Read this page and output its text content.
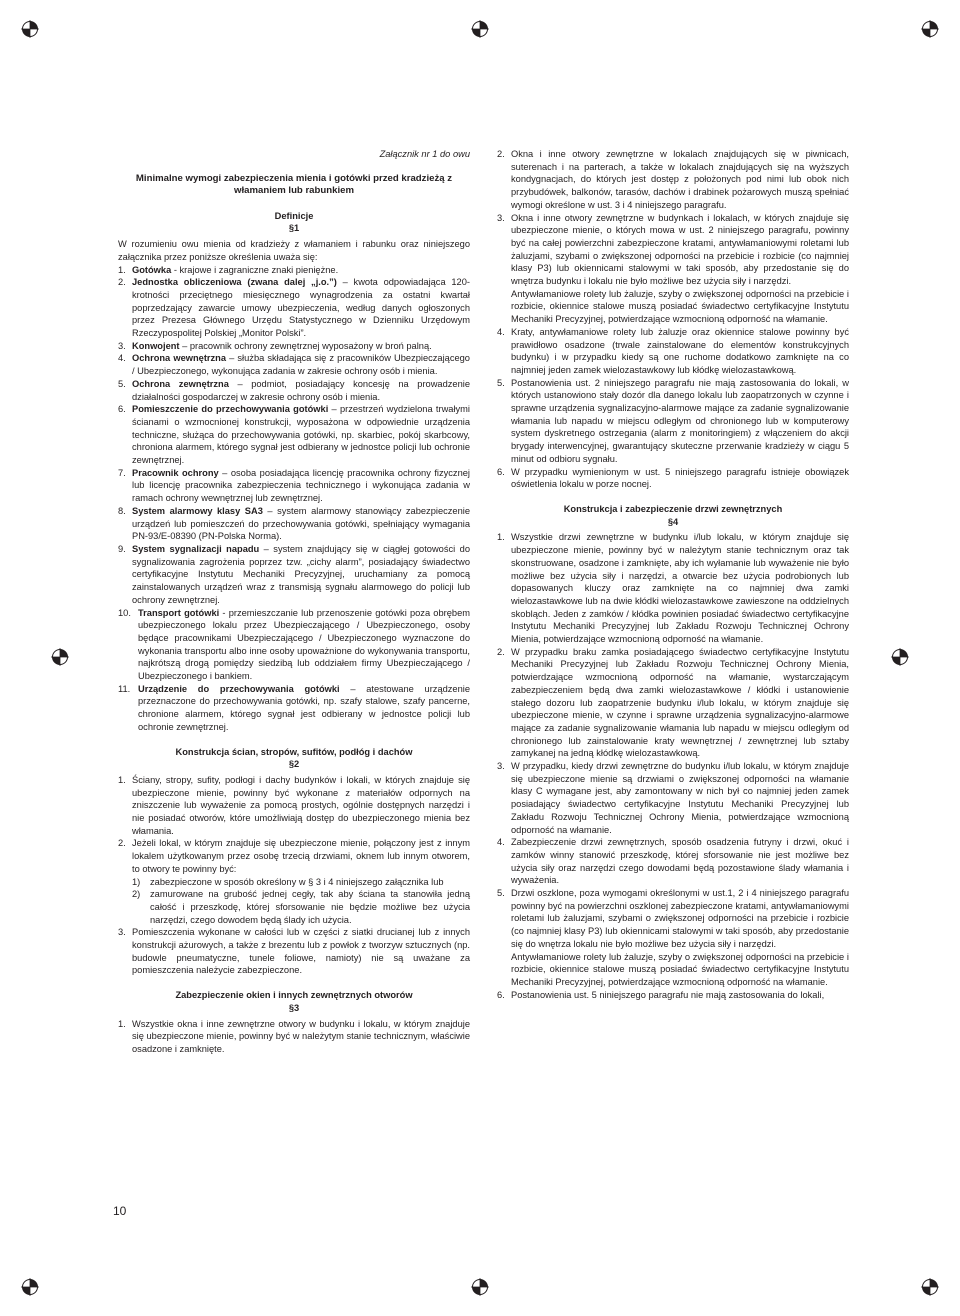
Załącznik nr 1 do owu

Minimalne wymogi zabezpieczenia mienia i gotówki przed kradzieżą z włamaniem lub rabunkiem

Definicje

§1

W rozumieniu owu mienia od kradzieży z włamaniem i rabunku oraz niniejszego załącznika przez poniższe określenia uważa się:

1. Gotówka - krajowe i zagraniczne znaki pieniężne.
2. Jednostka obliczeniowa (zwana dalej „j.o.”) – kwota odpowiadająca 120-krotności przeciętnego miesięcznego wynagrodzenia za ostatni kwartał poprzedzający zawarcie umowy ubezpieczenia, według danych ogłoszonych przez Prezesa Głównego Urzędu Statystycznego w Dzienniku Urzędowym Rzeczypospolitej Polskiej „Monitor Polski”.
3. Konwojent – pracownik ochrony zewnętrznej wyposażony w broń palną.
4. Ochrona wewnętrzna – służba składająca się z pracowników Ubezpieczającego / Ubezpieczonego, wykonująca zadania w zakresie ochrony osób i mienia.
5. Ochrona zewnętrzna – podmiot, posiadający koncesję na prowadzenie działalności gospodarczej w zakresie ochrony osób i mienia.
6. Pomieszczenie do przechowywania gotówki – przestrzeń wydzielona trwałymi ścianami o wzmocnionej konstrukcji, wyposażona w odpowiednie urządzenia techniczne, służąca do przechowywania gotówki, np. skarbiec, pokój skarbcowy, chroniona alarmem, którego sygnał jest odbierany w jednostce policji lub ochronie zewnętrznej.
7. Pracownik ochrony – osoba posiadająca licencję pracownika ochrony fizycznej lub licencję pracownika zabezpieczenia technicznego i wykonująca zadania w ramach ochrony wewnętrznej lub zewnętrznej.
8. System alarmowy klasy SA3 – system alarmowy stanowiący zabezpieczenie urządzeń lub pomieszczeń do przechowywania gotówki, spełniający wymagania PN-93/E-08390 (PN-Polska Norma).
9. System sygnalizacji napadu – system znajdujący się w ciągłej gotowości do sygnalizowania zagrożenia poprzez tzw. „cichy alarm”, posiadający świadectwo certyfikacyjne Instytutu Mechaniki Precyzyjnej, uruchamiany za pomocą zainstalowanych urządzeń wraz z transmisją sygnału alarmowego do policji lub ochrony zewnętrznej.
10. Transport gotówki - przemieszczanie lub przenoszenie gotówki poza obrębem ubezpieczonego lokalu przez Ubezpieczającego / Ubezpieczonego, osoby będące pracownikami Ubezpieczającego / Ubezpieczonego wyznaczone do wykonania transportu albo inne osoby upoważnione do wykonywania transportu, najkrótszą drogą pomiędzy siedzibą lub oddziałem firmy Ubezpieczającego / Ubezpieczonego i bankiem.
11. Urządzenie do przechowywania gotówki – atestowane urządzenie przeznaczone do przechowywania gotówki, np. szafy stalowe, szafy pancerne, chronione alarmem, którego sygnał jest odbierany w jednostce policji lub ochronie zewnętrznej.

Konstrukcja ścian, stropów, sufitów, podłóg i dachów

§2

1. Ściany, stropy, sufity, podłogi i dachy budynków i lokali, w których znajduje się ubezpieczone mienie, powinny być wykonane z materiałów odpornych na zniszczenie lub wyważenie za pomocą prostych, ogólnie dostępnych narzędzi i nie posiadać otworów, które umożliwiają dostęp do ubezpieczonego mienia bez włamania.
2. Jeżeli lokal, w którym znajduje się ubezpieczone mienie, połączony jest z innym lokalem użytkowanym przez osobę trzecią drzwiami, oknem lub innym otworem, to otwory te powinny być:
1) zabezpieczone w sposób określony w § 3 i 4 niniejszego załącznika lub
2) zamurowane na grubość jednej cegły, tak aby ściana ta stanowiła jedną całość i przeszkodę, której sforsowanie nie będzie możliwe bez użycia narzędzi, czego dowodem będą ślady ich użycia.
3. Pomieszczenia wykonane w całości lub w części z siatki drucianej lub z innych konstrukcji ażurowych, a także z brezentu lub z powłok z tworzyw sztucznych (np. budowle pneumatyczne, tunele foliowe, namioty) nie są uważane za pomieszczenia należycie zabezpieczone.

Zabezpieczenie okien i innych zewnętrznych otworów

§3

1. Wszystkie okna i inne zewnętrzne otwory w budynku i lokalu, w którym znajduje się ubezpieczone mienie, powinny być w należytym stanie technicznym, właściwie osadzone i zamknięte.
2. Okna i inne otwory zewnętrzne w lokalach znajdujących się w piwnicach, suterenach i na parterach, a także w lokalach znajdujących się na wyższych kondygnacjach, do których jest dostęp z położonych pod nimi lub obok nich przybudówek, balkonów, tarasów, dachów i drabinek pożarowych muszą spełniać wymogi określone w ust. 3 i 4 niniejszego paragrafu.
3. Okna i inne otwory zewnętrzne w budynkach i lokalach, w których znajduje się ubezpieczone mienie, o których mowa w ust. 2 niniejszego paragrafu, powinny być na całej powierzchni zabezpieczone kratami, antywłamaniowymi roletami lub żaluzjami, szybami o zwiększonej odporności na przebicie i rozbicie (co najmniej klasy P3) lub okiennicami stalowymi w taki sposób, aby przedostanie się do wnętrza budynku i lokalu nie było możliwe bez użycia siły i narzędzi.

Antywłamaniowe rolety lub żaluzje, szyby o zwiększonej odporności na przebicie i rozbicie, okiennice stalowe muszą posiadać świadectwo certyfikacyjne Instytutu Mechaniki Precyzyjnej, potwierdzające wzmocnioną odporność na włamanie.

4. Kraty, antywłamaniowe rolety lub żaluzje oraz okiennice stalowe powinny być prawidłowo osadzone (trwale zainstalowane do elementów konstrukcyjnych budynku) i w przypadku kiedy są one ruchome dodatkowo zamknięte na co najmniej jeden zamek wielozastawkowy lub kłódkę wielozastawkową.
5. Postanowienia ust. 2 niniejszego paragrafu nie mają zastosowania do lokali, w których ustanowiono stały dozór dla danego lokalu lub zaopatrzonych w czynne i sprawne urządzenia sygnalizacyjno-alarmowe mające za zadanie sygnalizowanie włamania lub napadu w miejscu odległym od chronionego lub w komputerowy system dyskretnego ostrzegania (alarm z monitoringiem) z włączeniem do akcji brygady interwencyjnej, gwarantujący skuteczne przerwanie kradzieży w ciągu 5 minut od odbioru sygnału.
6. W przypadku wymienionym w ust. 5 niniejszego paragrafu istnieje obowiązek oświetlenia lokalu w porze nocnej.

Konstrukcja i zabezpieczenie drzwi zewnętrznych

§4

1. Wszystkie drzwi zewnętrzne w budynku i/lub lokalu, w którym znajduje się ubezpieczone mienie, powinny być w należytym stanie technicznym oraz tak skonstruowane, osadzone i zamknięte, aby ich wyłamanie lub wyważenie nie było możliwe bez użycia siły i narzędzi, a otwarcie bez użycia podrobionych lub dopasowanych kluczy oraz zamknięte na co najmniej dwa zamki wielozastawkowe lub na dwie kłódki wielozastawkowe zawieszone na oddzielnych skobląch. Jeden z zamków / kłódka powinien posiadać świadectwo certyfikacyjne Instytutu Mechaniki Precyzyjnej lub Zakładu Rozwoju Technicznej Ochrony Mienia, potwierdzające wzmocnioną odporność na włamanie.
2. W przypadku braku zamka posiadającego świadectwo certyfikacyjne Instytutu Mechaniki Precyzyjnej lub Zakładu Rozwoju Technicznej Ochrony Mienia, potwierdzające wzmocnioną odporność na włamanie, wystarczającym zabezpieczeniem będą dwa zamki wielozastawkowe / kłódki i ustanowienie stałego dozoru lub zaopatrzenie budynku i/lub lokalu, w którym znajduje się ubezpieczone mienie, w czynne i sprawne urządzenia sygnalizacyjno-alarmowe mające za zadanie sygnalizowanie włamania lub napadu w miejscu odległym od chronionego lub zainstalowanie kraty wewnętrznej / zewnętrznej lub sztaby zamykanej na jedną kłódkę wielozastawkową.
3. W przypadku, kiedy drzwi zewnętrzne do budynku i/lub lokalu, w którym znajduje się ubezpieczone mienie są drzwiami o zwiększonej odporności na włamanie klasy C wymagane jest, aby zamontowany w nich był co najmniej jeden zamek posiadający świadectwo certyfikacyjne Instytutu Mechaniki Precyzyjnej lub Zakładu Rozwoju Technicznej Ochrony Mienia, potwierdzające wzmocnioną odporność na włamanie.
4. Zabezpieczenie drzwi zewnętrznych, sposób osadzenia futryny i drzwi, okuć i zamków winny stanowić przeszkodę, której sforsowanie nie jest możliwe bez użycia siły oraz narzędzi czego dowodami będą pozostawione ślady włamania i wyważenia.
5. Drzwi oszklone, poza wymogami określonymi w ust.1, 2 i 4 niniejszego paragrafu powinny być na powierzchni oszklonej zabezpieczone kratami, antywłamaniowymi roletami lub żaluzjami, szybami o zwiększonej odporności na przebicie i rozbicie (co najmniej klasy P3) lub okiennicami stalowymi w taki sposób, aby przedostanie się do wnętrza lokalu nie było możliwe bez użycia siły i narzędzi.

Antywłamaniowe rolety lub żaluzje, szyby o zwiększonej odporności na przebicie i rozbicie, okiennice stalowe muszą posiadać świadectwo certyfikacyjne Instytutu Mechaniki Precyzyjnej, potwierdzające wzmocnioną odporność na włamanie.

6. Postanowienia ust. 5 niniejszego paragrafu nie mają zastosowania do lokali,
10
